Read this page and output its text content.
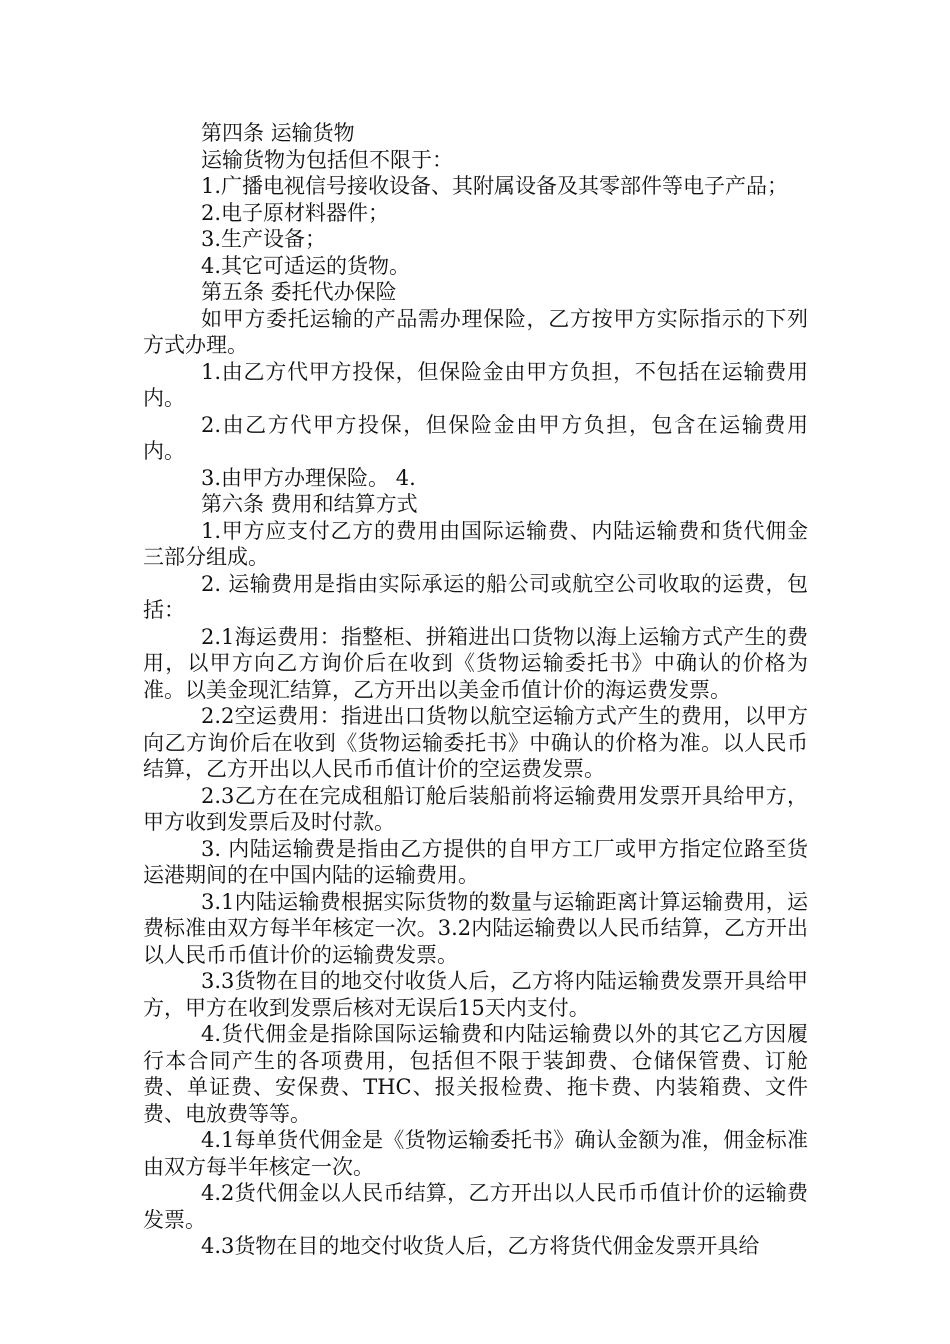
第四条 运输货物

运输货物为包括但不限于：

1.广播电视信号接收设备、其附属设备及其零部件等电子产品；

2.电子原材料器件；

3.生产设备；

4.其它可适运的货物。

第五条 委托代办保险

如甲方委托运输的产品需办理保险，乙方按甲方实际指示的下列方式办理。

1.由乙方代甲方投保，但保险金由甲方负担，不包括在运输费用内。

2.由乙方代甲方投保，但保险金由甲方负担，包含在运输费用内。

3.由甲方办理保险。 4.

第六条 费用和结算方式

1.甲方应支付乙方的费用由国际运输费、内陆运输费和货代佣金三部分组成。

2. 运输费用是指由实际承运的船公司或航空公司收取的运费，包括：

2.1海运费用：指整柜、拼箱进出口货物以海上运输方式产生的费用，以甲方向乙方询价后在收到《货物运输委托书》中确认的价格为准。以美金现汇结算，乙方开出以美金币值计价的海运费发票。

2.2空运费用：指进出口货物以航空运输方式产生的费用，以甲方向乙方询价后在收到《货物运输委托书》中确认的价格为准。以人民币结算，乙方开出以人民币币值计价的空运费发票。

2.3乙方在在完成租船订舱后装船前将运输费用发票开具给甲方，甲方收到发票后及时付款。

3. 内陆运输费是指由乙方提供的自甲方工厂或甲方指定位路至货运港期间的在中国内陆的运输费用。

3.1内陆运输费根据实际货物的数量与运输距离计算运输费用，运费标准由双方每半年核定一次。3.2内陆运输费以人民币结算，乙方开出以人民币币值计价的运输费发票。

3.3货物在目的地交付收货人后，乙方将内陆运输费发票开具给甲方，甲方在收到发票后核对无误后15天内支付。

4.货代佣金是指除国际运输费和内陆运输费以外的其它乙方因履行本合同产生的各项费用，包括但不限于装卸费、仓储保管费、订舱费、单证费、安保费、THC、报关报检费、拖卡费、内装箱费、文件费、电放费等等。

4.1每单货代佣金是《货物运输委托书》确认金额为准，佣金标准由双方每半年核定一次。

4.2货代佣金以人民币结算，乙方开出以人民币币值计价的运输费发票。

4.3货物在目的地交付收货人后，乙方将货代佣金发票开具给
